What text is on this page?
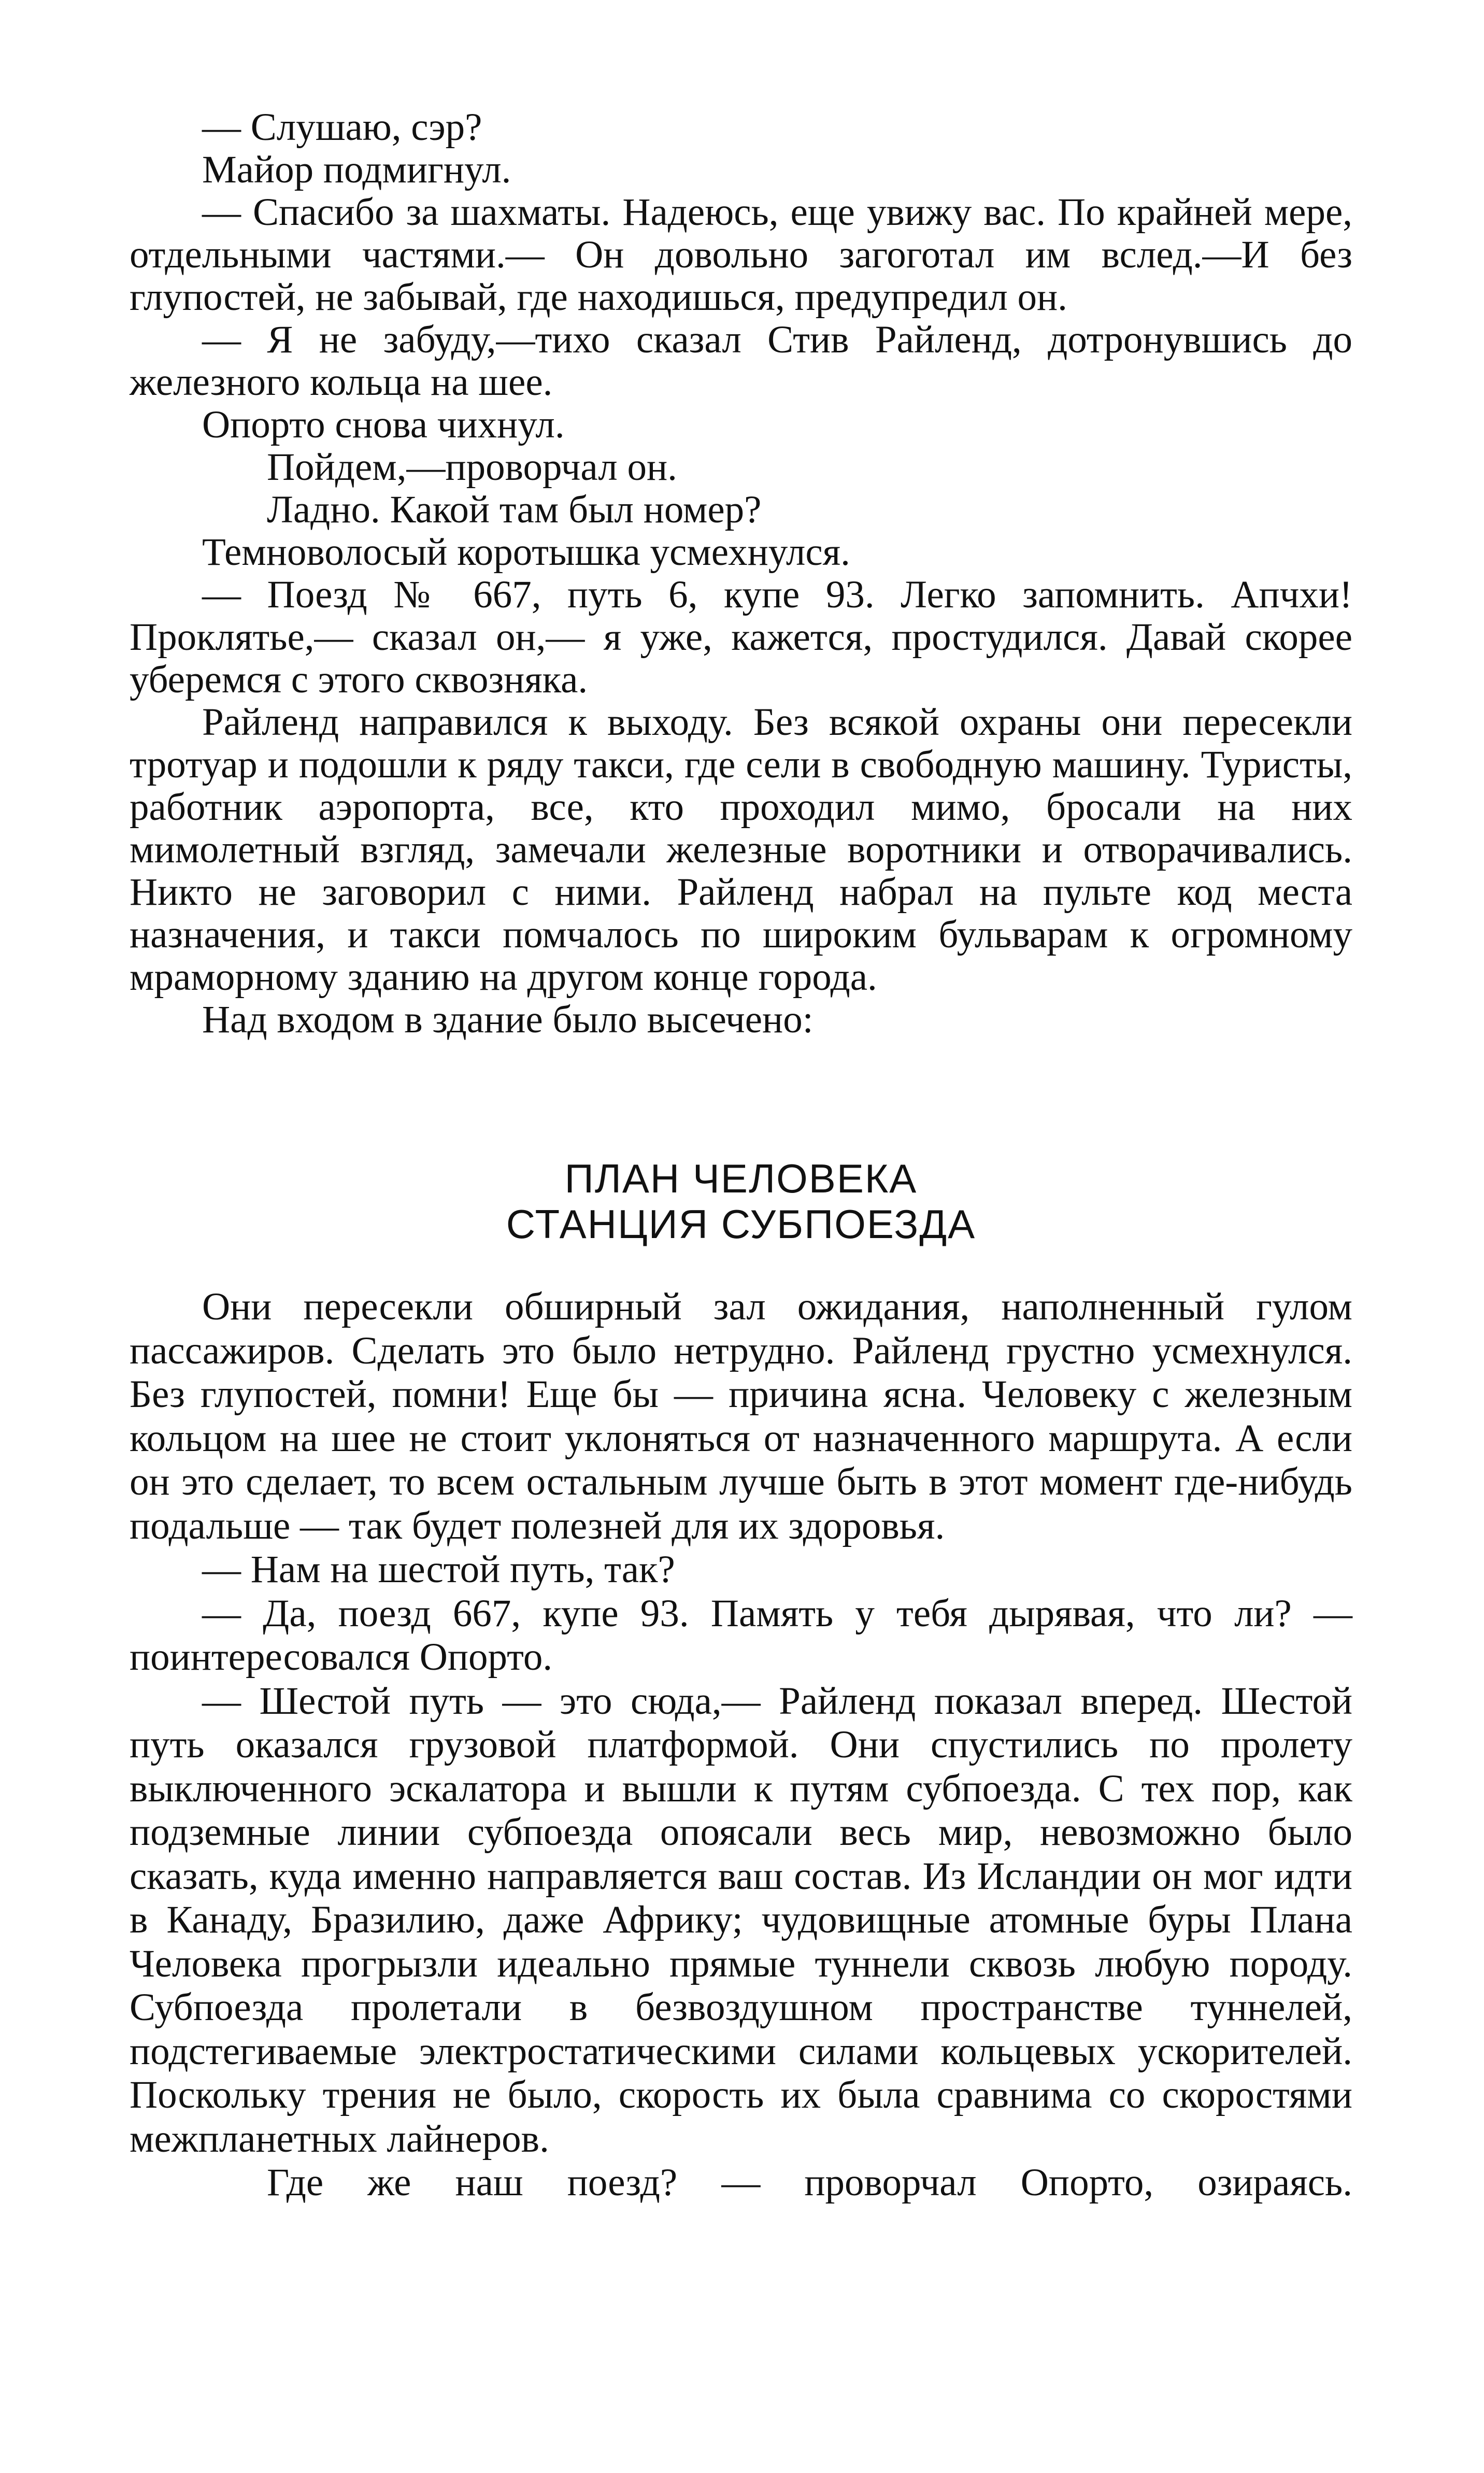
— Слушаю, сэр?

Майор подмигнул.

— Спасибо за шахматы. Надеюсь, еще увижу вас. По крайней мере, отдельными частями.— Он довольно загоготал им вслед.—И без глупостей, не забывай, где находишься, предупредил он.

— Я не забуду,—тихо сказал Стив Райленд, дотронувшись до железного кольца на шее.

Опорто снова чихнул.

Пойдем,—проворчал он.

Ладно. Какой там был номер?

Темноволосый коротышка усмехнулся.

— Поезд № 667, путь 6, купе 93. Легко запомнить. Апчхи! Проклятье,— сказал он,— я уже, кажется, простудился. Давай скорее уберемся с этого сквозняка.

Райленд направился к выходу. Без всякой охраны они пересекли тротуар и подошли к ряду такси, где сели в свободную машину. Туристы, работник аэропорта, все, кто проходил мимо, бросали на них мимолетный взгляд, замечали железные воротники и отворачивались. Никто не заговорил с ними. Райленд набрал на пульте код места назначения, и такси помчалось по широким бульварам к огромному мраморному зданию на другом конце города.

Над входом в здание было высечено:

ПЛАН ЧЕЛОВЕКА
СТАНЦИЯ СУБПОЕЗДА

Они пересекли обширный зал ожидания, наполненный гулом пассажиров. Сделать это было нетрудно. Райленд грустно усмехнулся. Без глупостей, помни! Еще бы — причина ясна. Человеку с железным кольцом на шее не стоит уклоняться от назначенного маршрута. А если он это сделает, то всем остальным лучше быть в этот момент где-нибудь подальше — так будет полезней для их здоровья.

— Нам на шестой путь, так?

— Да, поезд 667, купе 93. Память у тебя дырявая, что ли? — поинтересовался Опорто.

— Шестой путь — это сюда,— Райленд показал вперед. Шестой путь оказался грузовой платформой. Они спустились по пролету выключенного эскалатора и вышли к путям субпоезда. С тех пор, как подземные линии субпоезда опоясали весь мир, невозможно было сказать, куда именно направляется ваш состав. Из Исландии он мог идти в Канаду, Бразилию, даже Африку; чудовищные атомные буры Плана Человека прогрызли идеально прямые туннели сквозь любую породу. Субпоезда пролетали в безвоздушном пространстве туннелей, подстегиваемые электростатическими силами кольцевых ускорителей. Поскольку трения не было, скорость их была сравнима со скоростями межпланетных лайнеров.

Где же наш поезд? — проворчал Опорто, озираясь.
